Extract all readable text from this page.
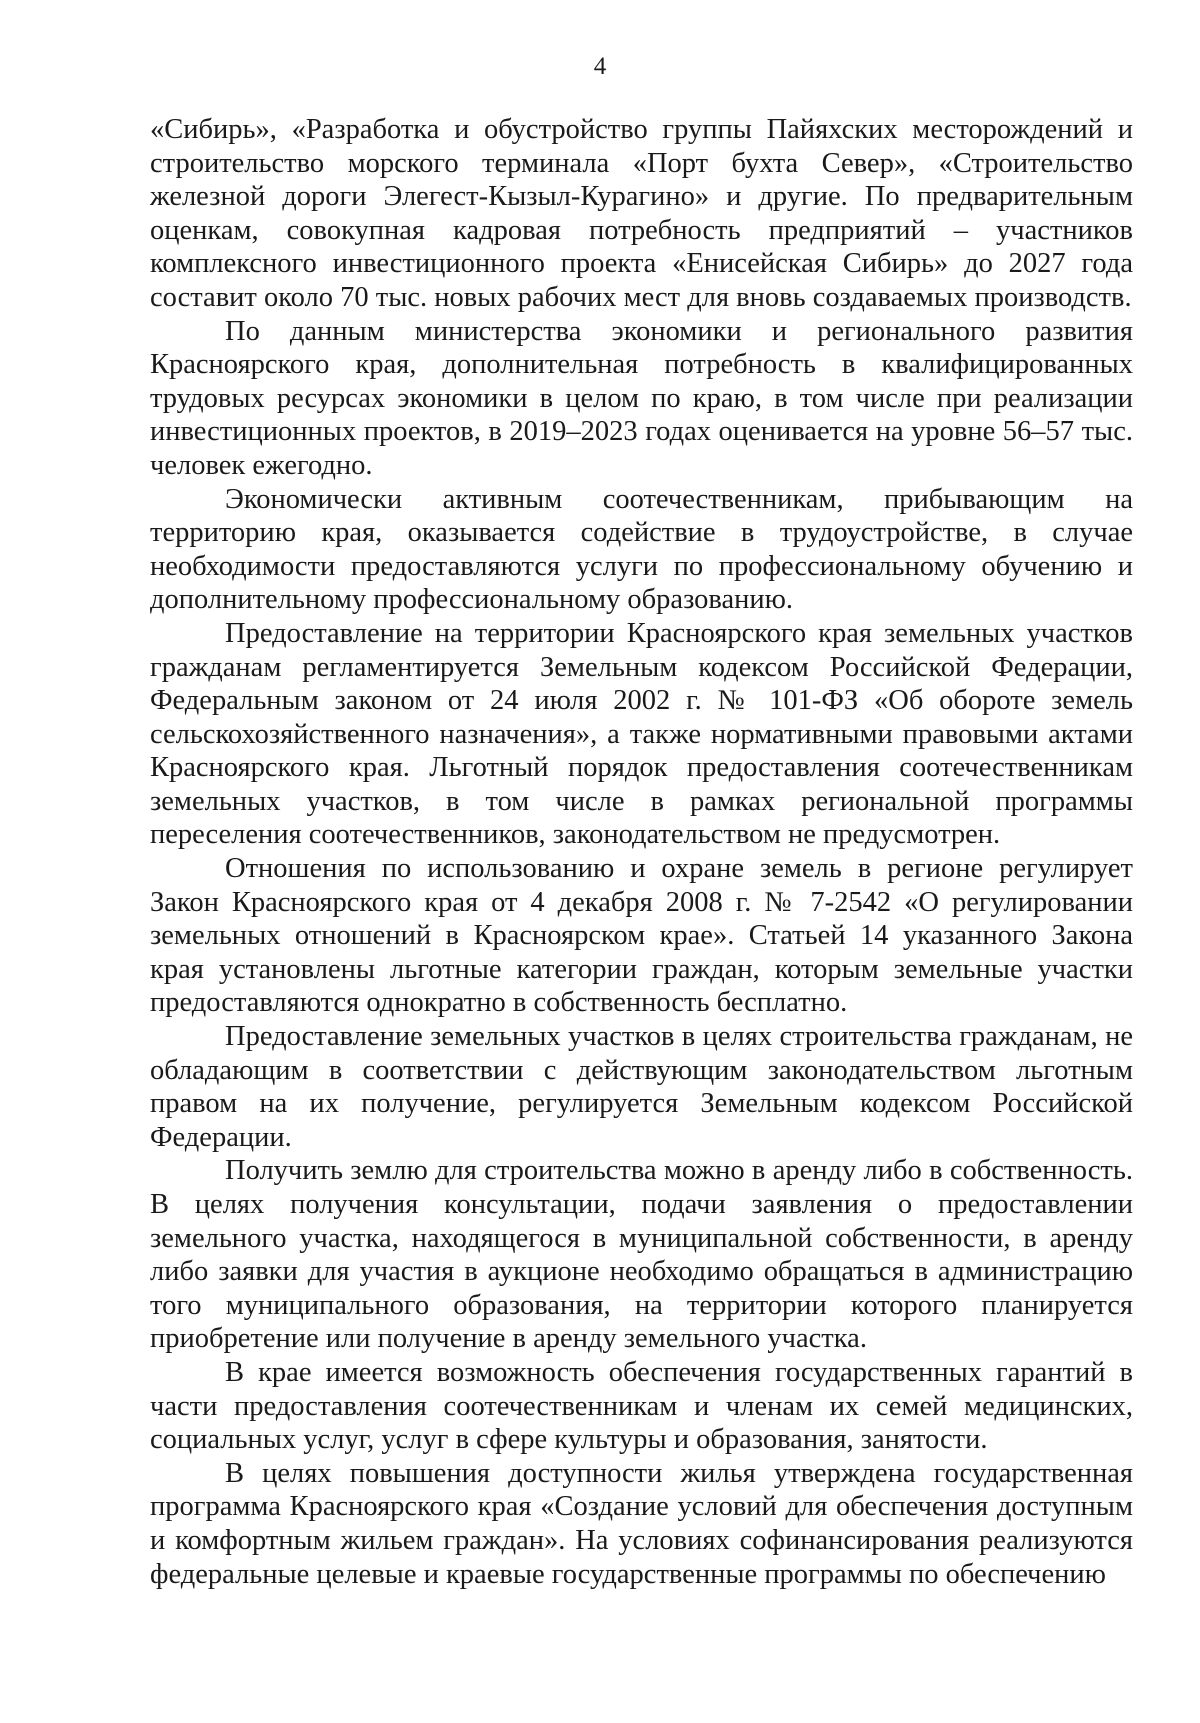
4

«Сибирь», «Разработка и обустройство группы Пайяхских месторождений и строительство морского терминала «Порт бухта Север», «Строительство железной дороги Элегест-Кызыл-Курагино» и другие. По предварительным оценкам, совокупная кадровая потребность предприятий – участников комплексного инвестиционного проекта «Енисейская Сибирь» до 2027 года составит около 70 тыс. новых рабочих мест для вновь создаваемых производств.

По данным министерства экономики и регионального развития Красноярского края, дополнительная потребность в квалифицированных трудовых ресурсах экономики в целом по краю, в том числе при реализации инвестиционных проектов, в 2019–2023 годах оценивается на уровне 56–57 тыс. человек ежегодно.

Экономически активным соотечественникам, прибывающим на территорию края, оказывается содействие в трудоустройстве, в случае необходимости предоставляются услуги по профессиональному обучению и дополнительному профессиональному образованию.

Предоставление на территории Красноярского края земельных участков гражданам регламентируется Земельным кодексом Российской Федерации, Федеральным законом от 24 июля 2002 г. № 101-ФЗ «Об обороте земель сельскохозяйственного назначения», а также нормативными правовыми актами Красноярского края. Льготный порядок предоставления соотечественникам земельных участков, в том числе в рамках региональной программы переселения соотечественников, законодательством не предусмотрен.

Отношения по использованию и охране земель в регионе регулирует Закон Красноярского края от 4 декабря 2008 г. № 7-2542 «О регулировании земельных отношений в Красноярском крае». Статьей 14 указанного Закона края установлены льготные категории граждан, которым земельные участки предоставляются однократно в собственность бесплатно.

Предоставление земельных участков в целях строительства гражданам, не обладающим в соответствии с действующим законодательством льготным правом на их получение, регулируется Земельным кодексом Российской Федерации.

Получить землю для строительства можно в аренду либо в собственность. В целях получения консультации, подачи заявления о предоставлении земельного участка, находящегося в муниципальной собственности, в аренду либо заявки для участия в аукционе необходимо обращаться в администрацию того муниципального образования, на территории которого планируется приобретение или получение в аренду земельного участка.

В крае имеется возможность обеспечения государственных гарантий в части предоставления соотечественникам и членам их семей медицинских, социальных услуг, услуг в сфере культуры и образования, занятости.

В целях повышения доступности жилья утверждена государственная программа Красноярского края «Создание условий для обеспечения доступным и комфортным жильем граждан». На условиях софинансирования реализуются федеральные целевые и краевые государственные программы по обеспечению
